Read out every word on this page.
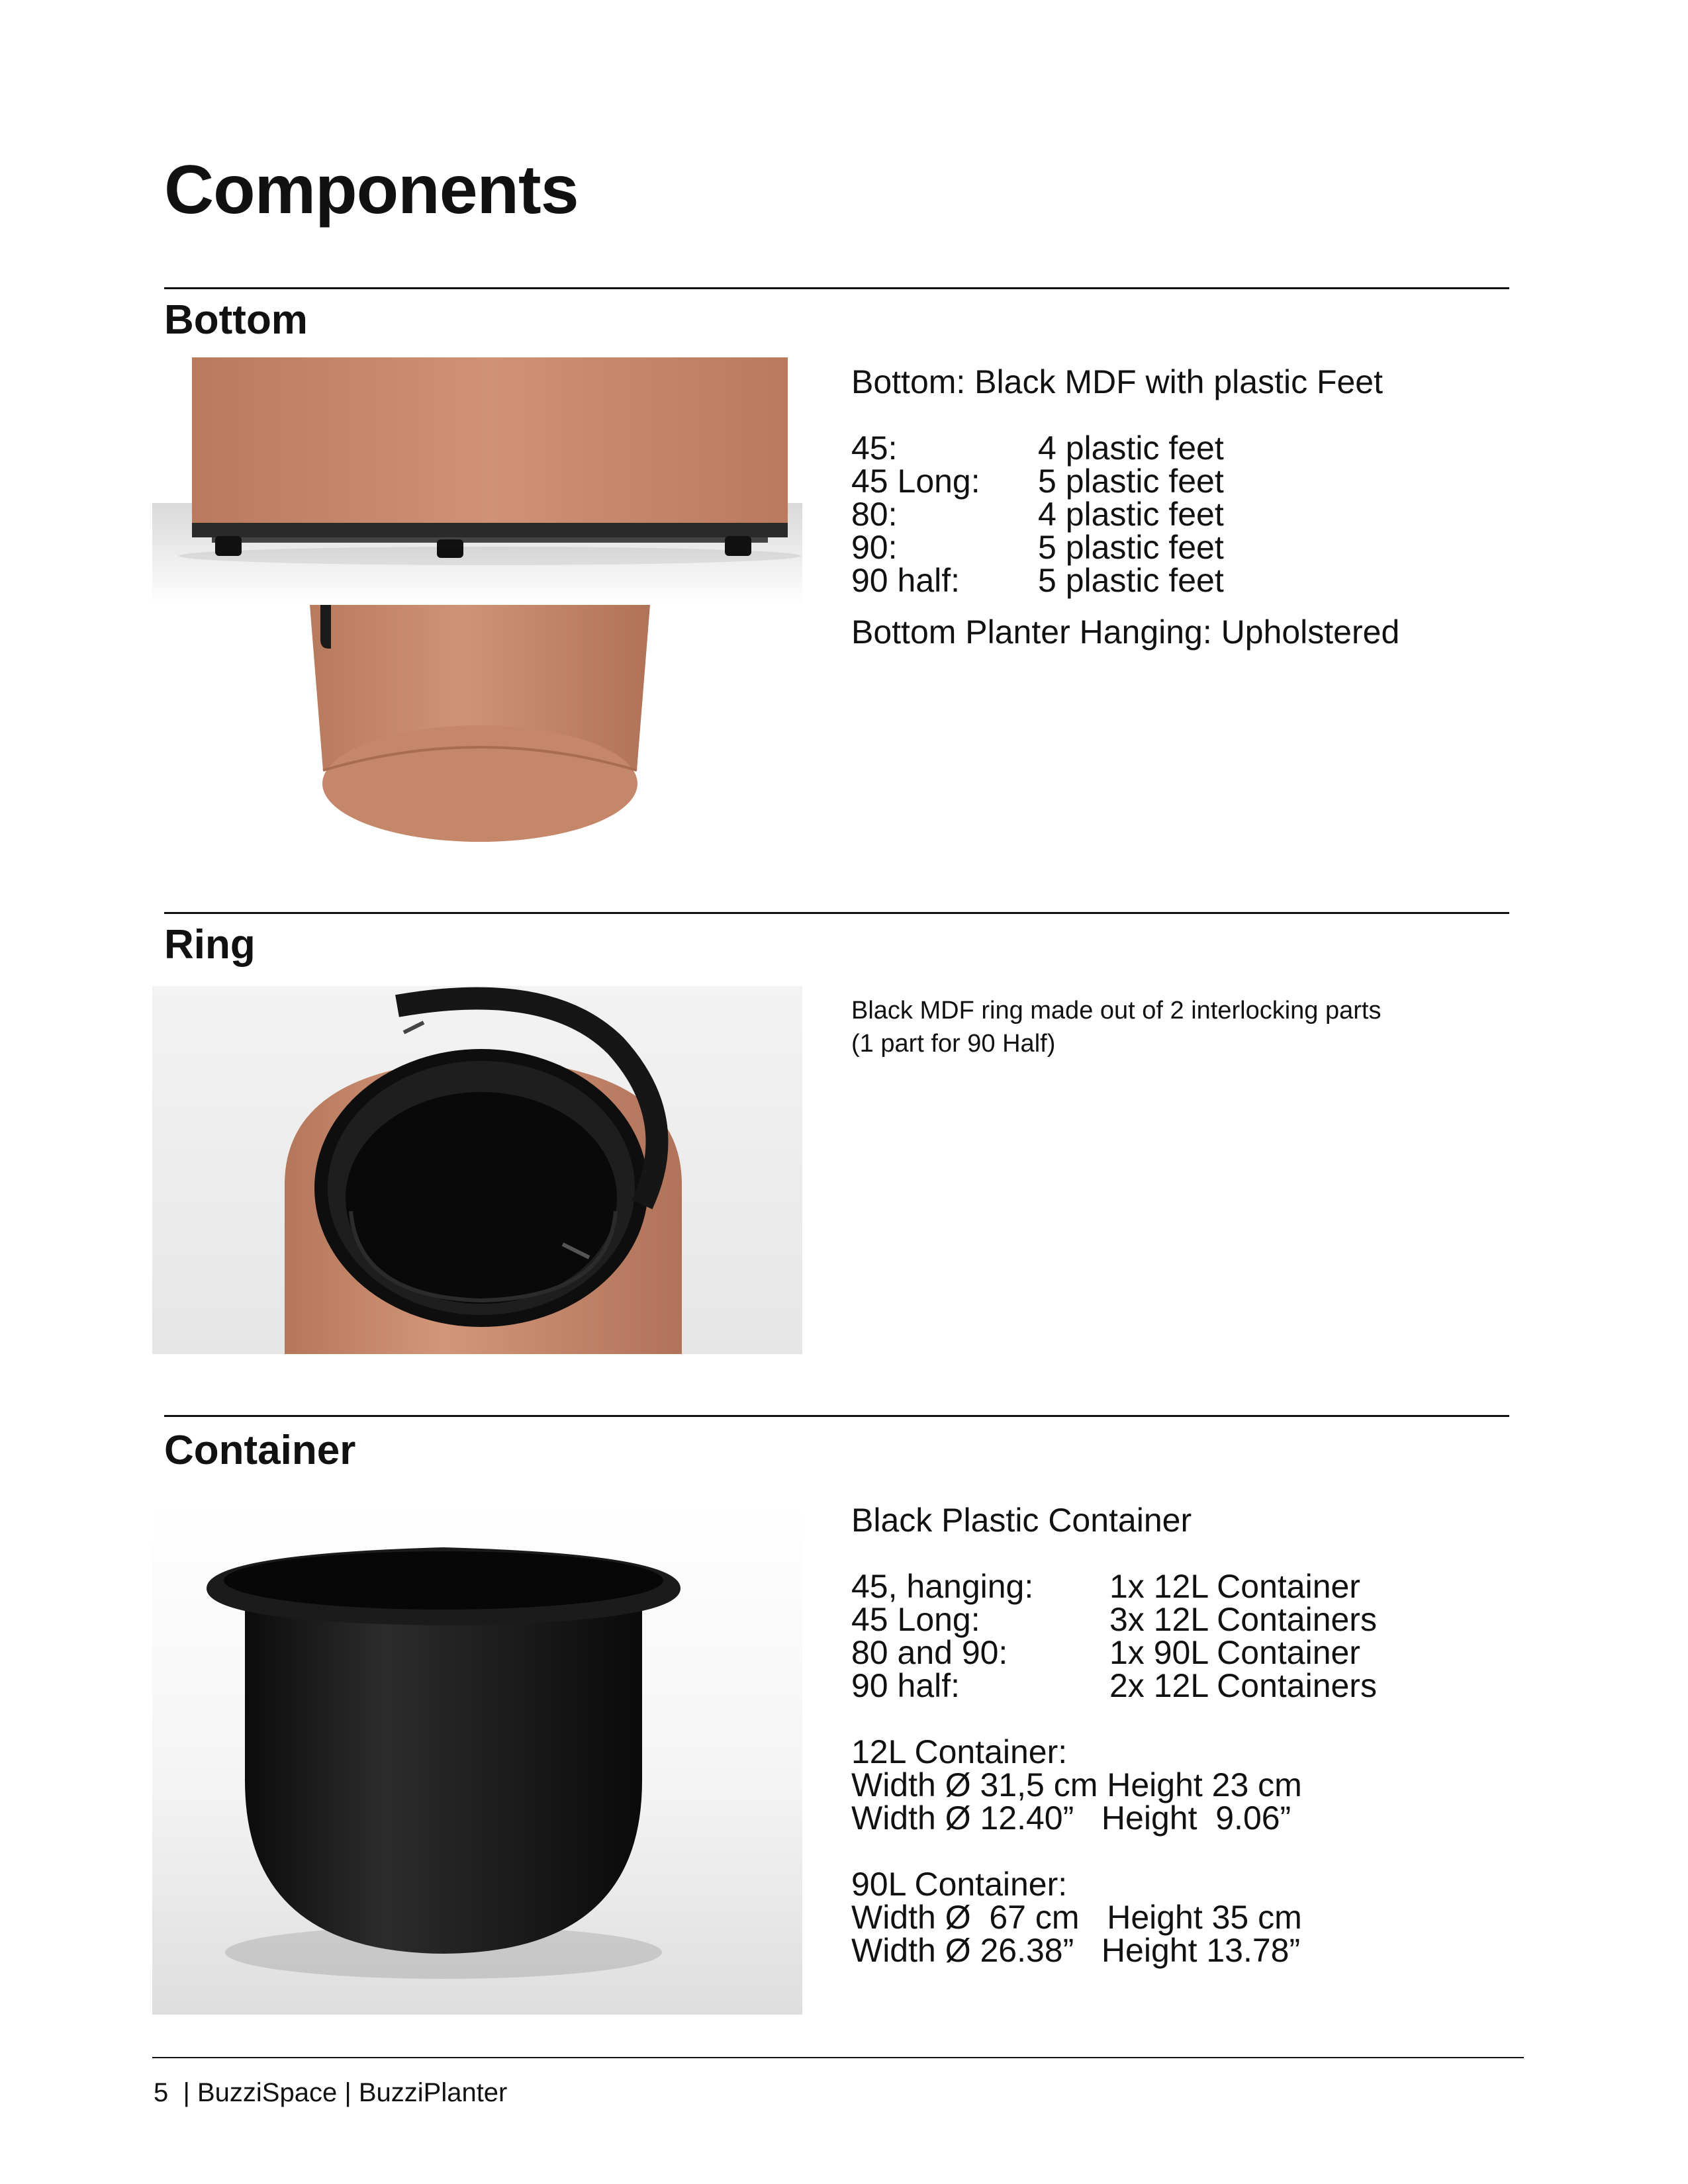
Components
Bottom
Bottom: Black MDF with plastic Feet
45:	4 plastic feet
45 Long:	5 plastic feet
80:	4 plastic feet
90:	5 plastic feet
90 half:	5 plastic feet
Bottom Planter Hanging: Upholstered
Ring
Black MDF ring made out of 2 interlocking parts
(1 part for 90 Half)
Container
Black Plastic Container
45, hanging:	1x 12L Container
45 Long:	3x 12L Containers
80 and 90:	1x 90L Container
90 half:	2x 12L Containers
12L Container:
Width Ø 31,5 cm Height 23 cm
Width Ø 12.40”   Height  9.06”
90L Container:
Width Ø  67 cm   Height 35 cm
Width Ø 26.38”   Height 13.78”
5  | BuzziSpace | BuzziPlanter
